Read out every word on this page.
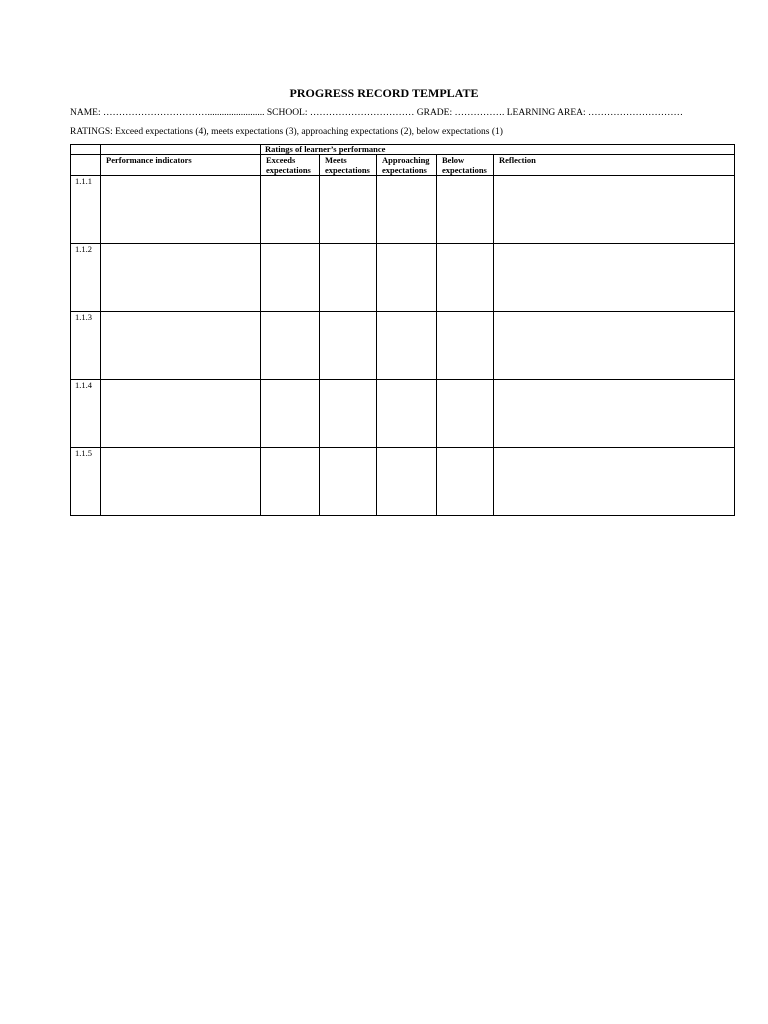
PROGRESS RECORD TEMPLATE
NAME: ……………………………........................ SCHOOL: …………………………… GRADE: ……………. LEARNING AREA: …………………………
RATINGS: Exceed expectations (4), meets expectations (3), approaching expectations (2), below expectations (1)
		Ratings of learner’s performance				
	Performance indicators	Exceeds expectations	Meets expectations	Approaching expectations	Below expectations	Reflection
1.1.1						
1.1.2						
1.1.3						
1.1.4						
1.1.5						
